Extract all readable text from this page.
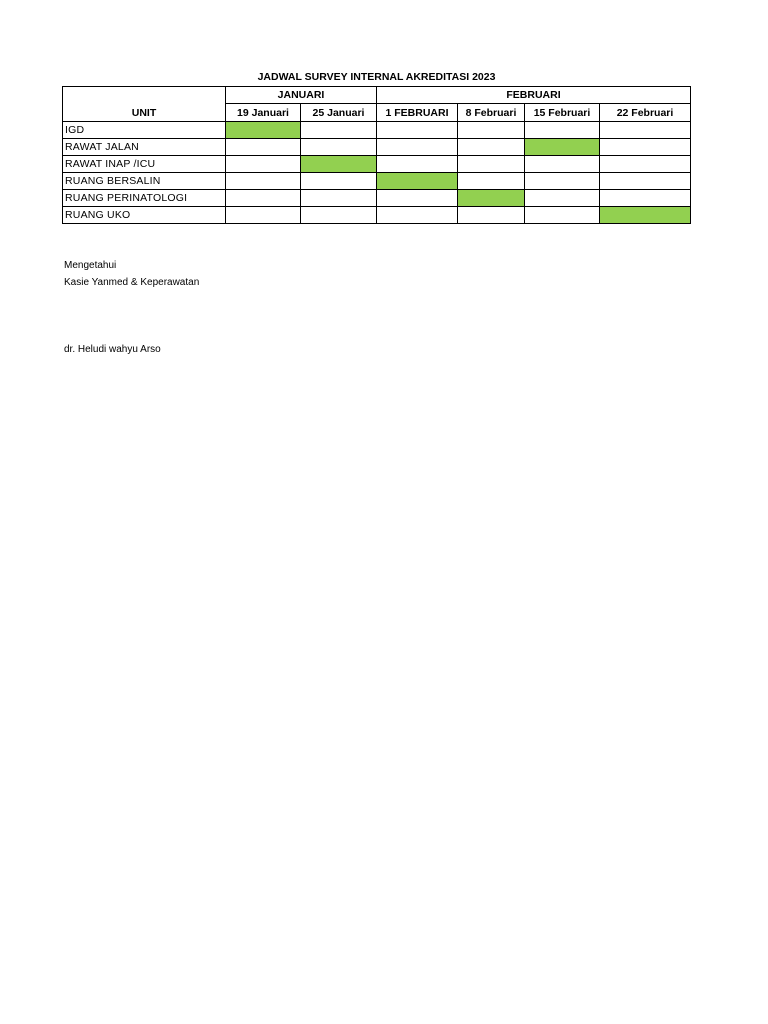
JADWAL SURVEY INTERNAL AKREDITASI 2023
UNIT	JANUARI		FEBRUARI			
	19 Januari	25 Januari	1 FEBRUARI	8 Februari	15 Februari	22 Februari
IGD						
RAWAT JALAN						
RAWAT INAP /ICU						
RUANG BERSALIN						
RUANG PERINATOLOGI						
RUANG UKO						
Mengetahui
Kasie Yanmed & Keperawatan
dr. Heludi wahyu Arso
